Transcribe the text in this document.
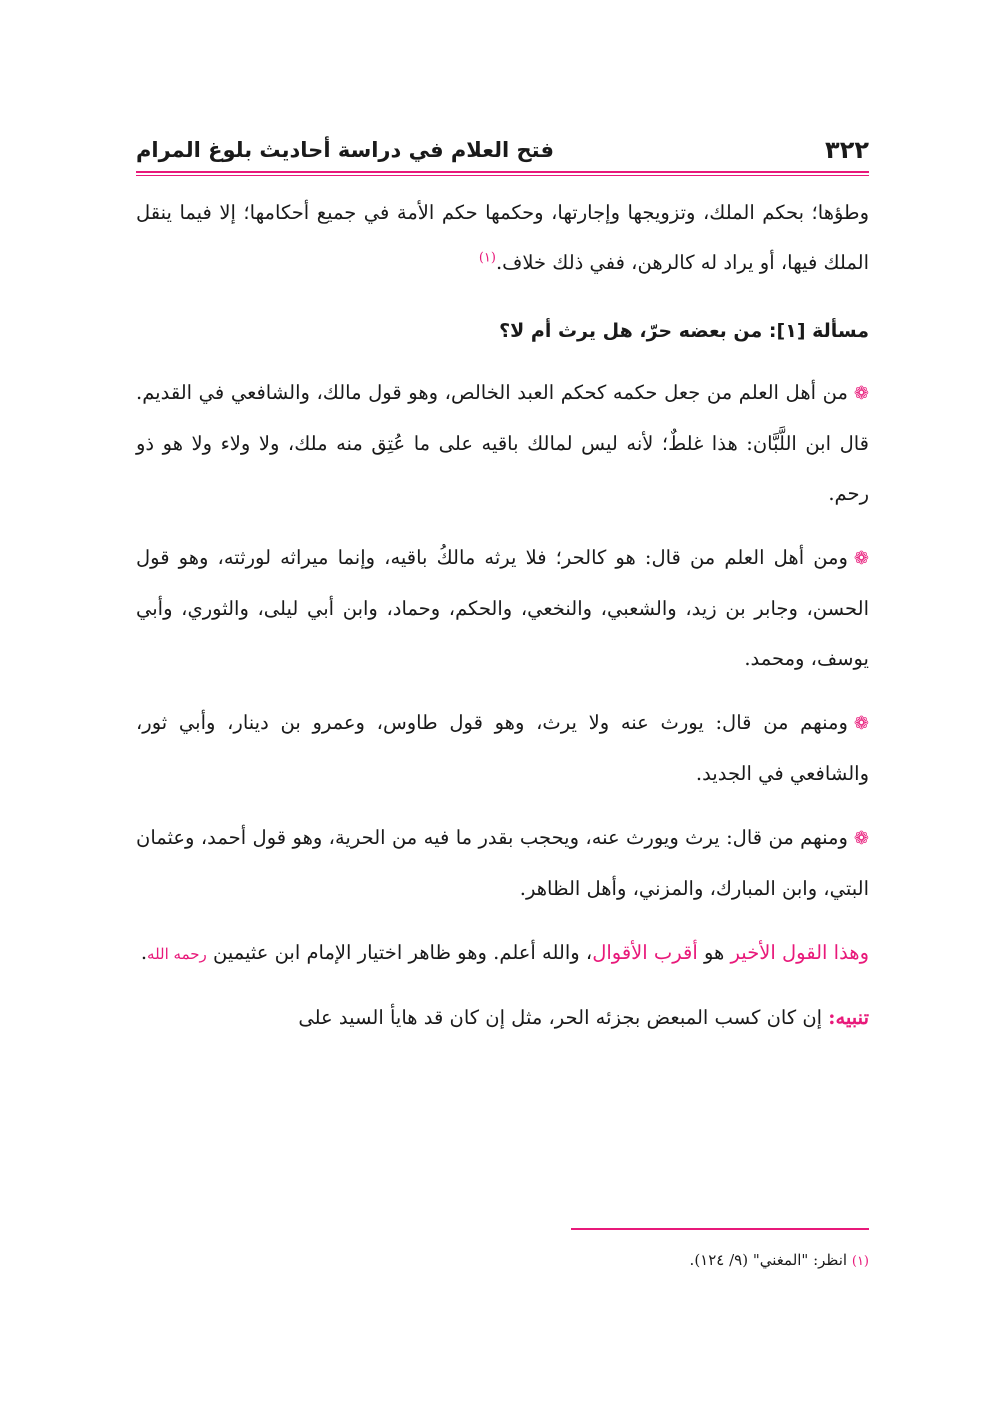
٣٢٢
فتح العلام في دراسة أحاديث بلوغ المرام

وطؤها؛ بحكم الملك، وتزويجها وإجارتها، وحكمها حكم الأمة في جميع أحكامها؛ إلا فيما ينقل الملك فيها، أو يراد له كالرهن، ففي ذلك خلاف.$^{(١)}$

مسألة [١]: من بعضه حرّ، هل يرث أم لا؟

❁من أهل العلم من جعل حكمه كحكم العبد الخالص، وهو قول مالك، والشافعي في القديم. قال ابن اللَّبَّان: هذا غلطٌ؛ لأنه ليس لمالك باقيه على ما عُتِق منه ملك، ولا ولاء ولا هو ذو رحم.

❁ومن أهل العلم من قال: هو كالحر؛ فلا يرثه مالكُ باقيه، وإنما ميراثه لورثته، وهو قول الحسن، وجابر بن زيد، والشعبي، والنخعي، والحكم، وحماد، وابن أبي ليلى، والثوري، وأبي يوسف، ومحمد.

❁ومنهم من قال: يورث عنه ولا يرث، وهو قول طاوس، وعمرو بن دينار، وأبي ثور، والشافعي في الجديد.

❁ومنهم من قال: يرث ويورث عنه، ويحجب بقدر ما فيه من الحرية، وهو قول أحمد، وعثمان البتي، وابن المبارك، والمزني، وأهل الظاهر.

وهذا القول الأخير هو أقرب الأقوال، والله أعلم. وهو ظاهر اختيار الإمام ابن عثيمين رحمه الله.

تنبيه: إن كان كسب المبعض بجزئه الحر، مثل إن كان قد هايأ السيد على

(١) انظر: "المغني" (٩/ ١٢٤).
